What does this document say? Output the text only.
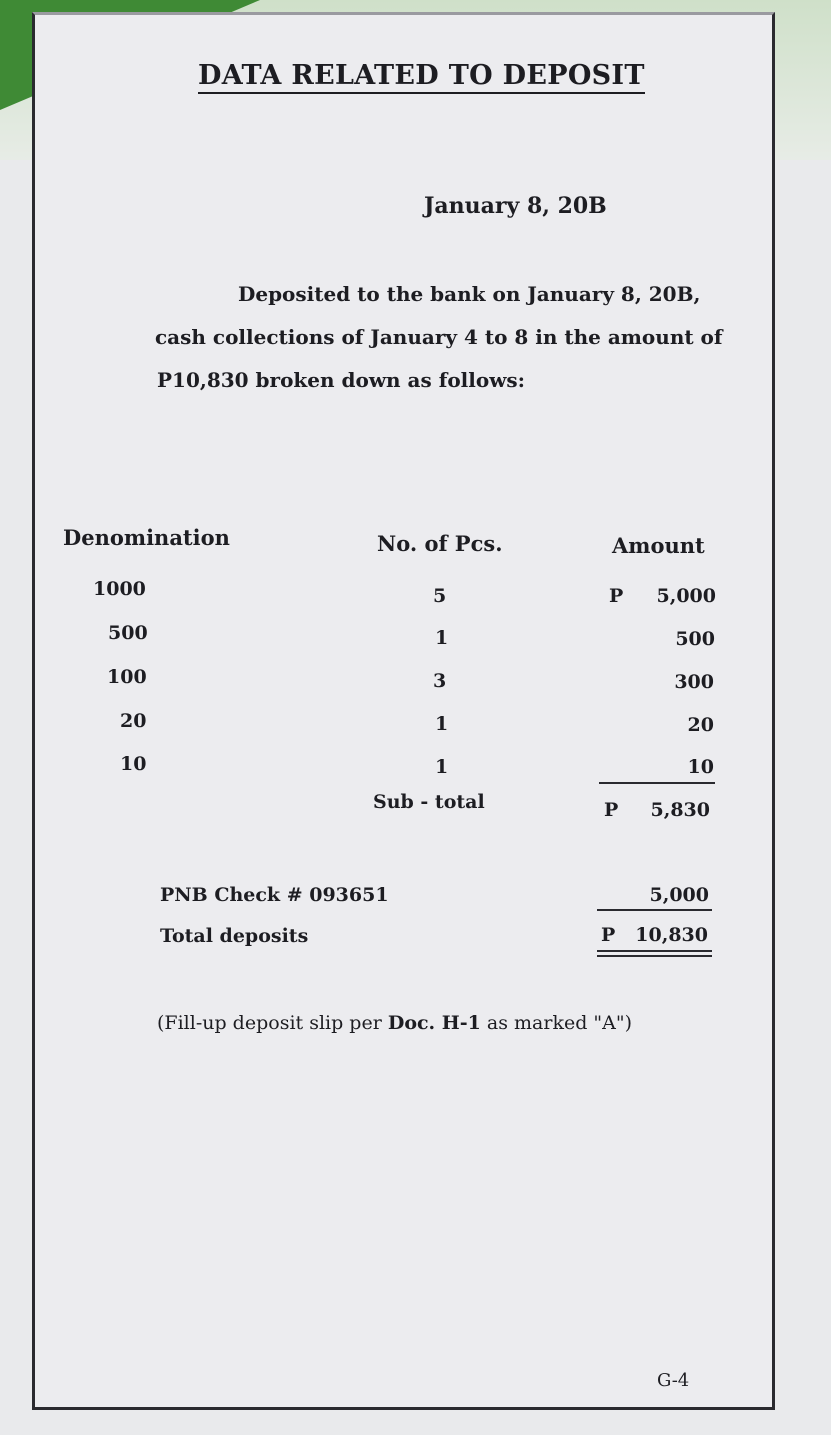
DATA RELATED TO DEPOSIT
January 8, 20B
Deposited to the bank on January 8, 20B,
cash collections of January 4 to 8 in the amount of
P10,830 broken down as follows:
Denomination	No. of Pcs.	Amount
1000	5	P	5,000
500	1	500
100	3	300
20	1	20
10	1	10
Sub - total	P	5,830
PNB Check # 093651	5,000
Total deposits	P	10,830
(Fill-up deposit slip per Doc. H-1 as marked "A")
G-4
